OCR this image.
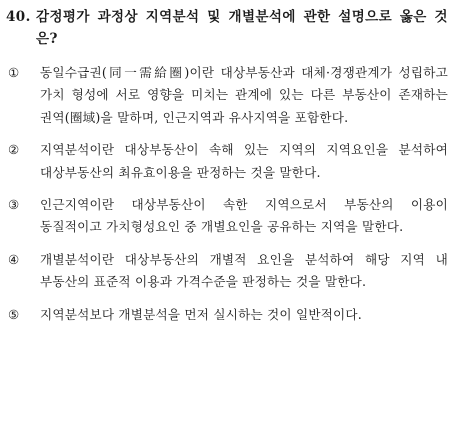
40. 감정평가 과정상 지역분석 및 개별분석에 관한 설명으로 옳은 것은?
①	동일수급권(同一需給圈)이란 대상부동산과 대체·경쟁관계가 성립하고 가치 형성에 서로 영향을 미치는 관계에 있는 다른 부동산이 존재하는 권역(圈域)을 말하며, 인근지역과 유사지역을 포함한다.
②	지역분석이란 대상부동산이 속해 있는 지역의 지역요인을 분석하여 대상부동산의 최유효이용을 판정하는 것을 말한다.
③	인근지역이란 대상부동산이 속한 지역으로서 부동산의 이용이 동질적이고 가치형성요인 중 개별요인을 공유하는 지역을 말한다.
④	개별분석이란 대상부동산의 개별적 요인을 분석하여 해당 지역 내 부동산의 표준적 이용과 가격수준을 판정하는 것을 말한다.
⑤	지역분석보다 개별분석을 먼저 실시하는 것이 일반적이다.
